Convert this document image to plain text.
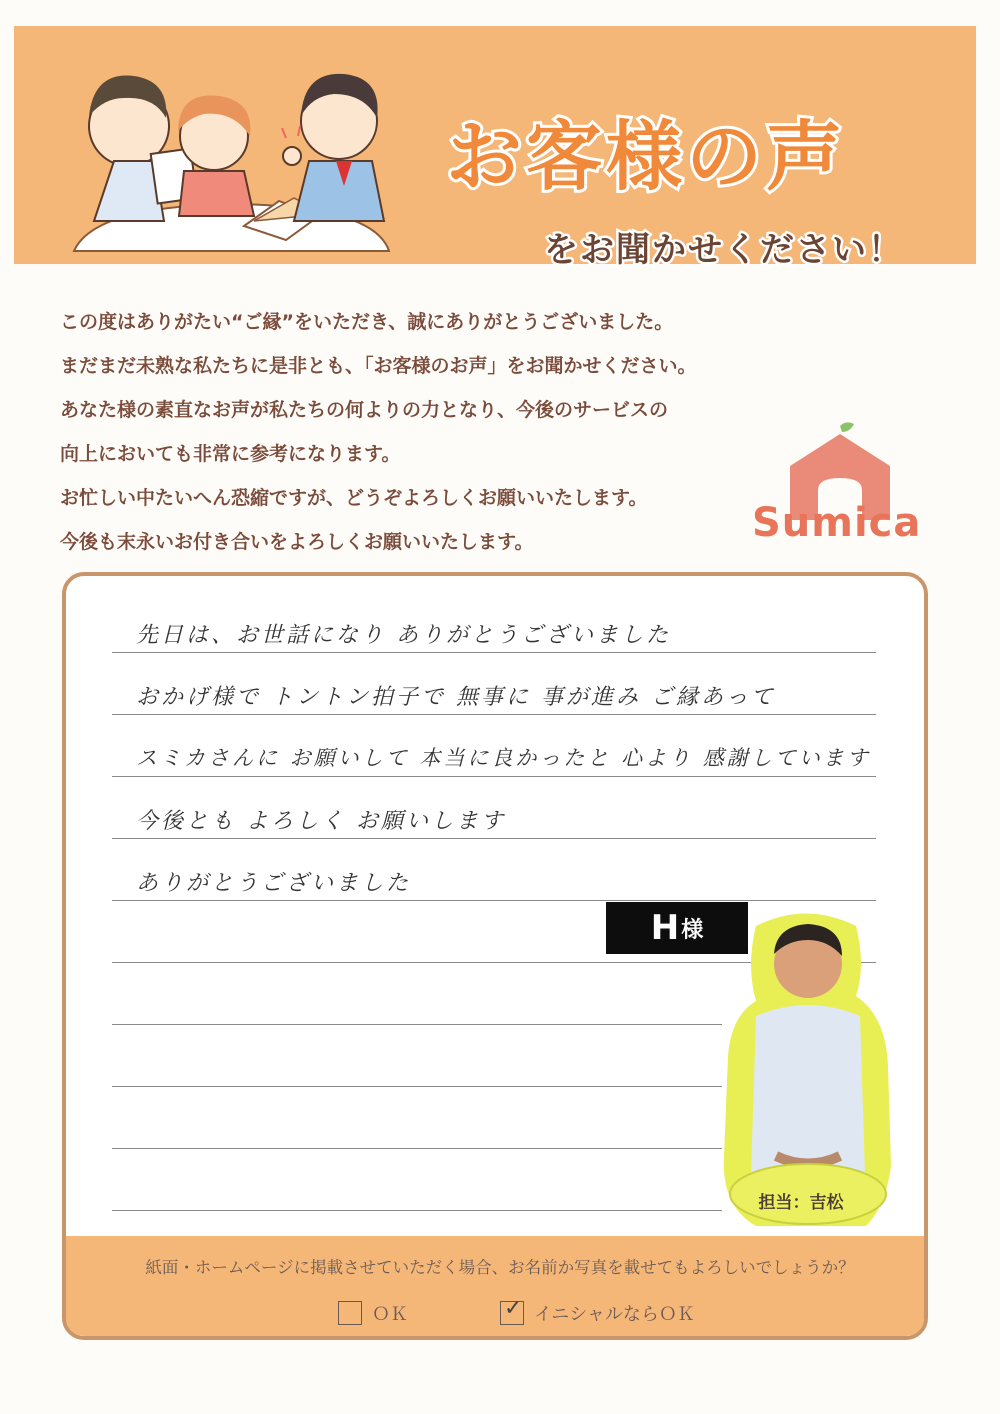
お客様の声
をお聞かせください！
この度はありがたい“ご縁”をいただき、誠にありがとうございました。
まだまだ未熟な私たちに是非とも、「お客様のお声」をお聞かせください。
あなた様の素直なお声が私たちの何よりの力となり、今後のサービスの
向上においても非常に参考になります。
お忙しい中たいへん恐縮ですが、どうぞよろしくお願いいたします。
今後も末永いお付き合いをよろしくお願いいたします。	Sumica
先日は、お世話になり ありがとうございました
おかげ様で トントン拍子で 無事に 事が進み ご縁あって
スミカさんに お願いして 本当に良かったと 心より 感謝しています
今後とも よろしく お願いします
ありがとうございました
H 様
担当：吉松
紙面・ホームページに掲載させていただく場合、お名前か写真を載せてもよろしいでしょうか？
ＯＫ	✓ イニシャルならＯＫ
